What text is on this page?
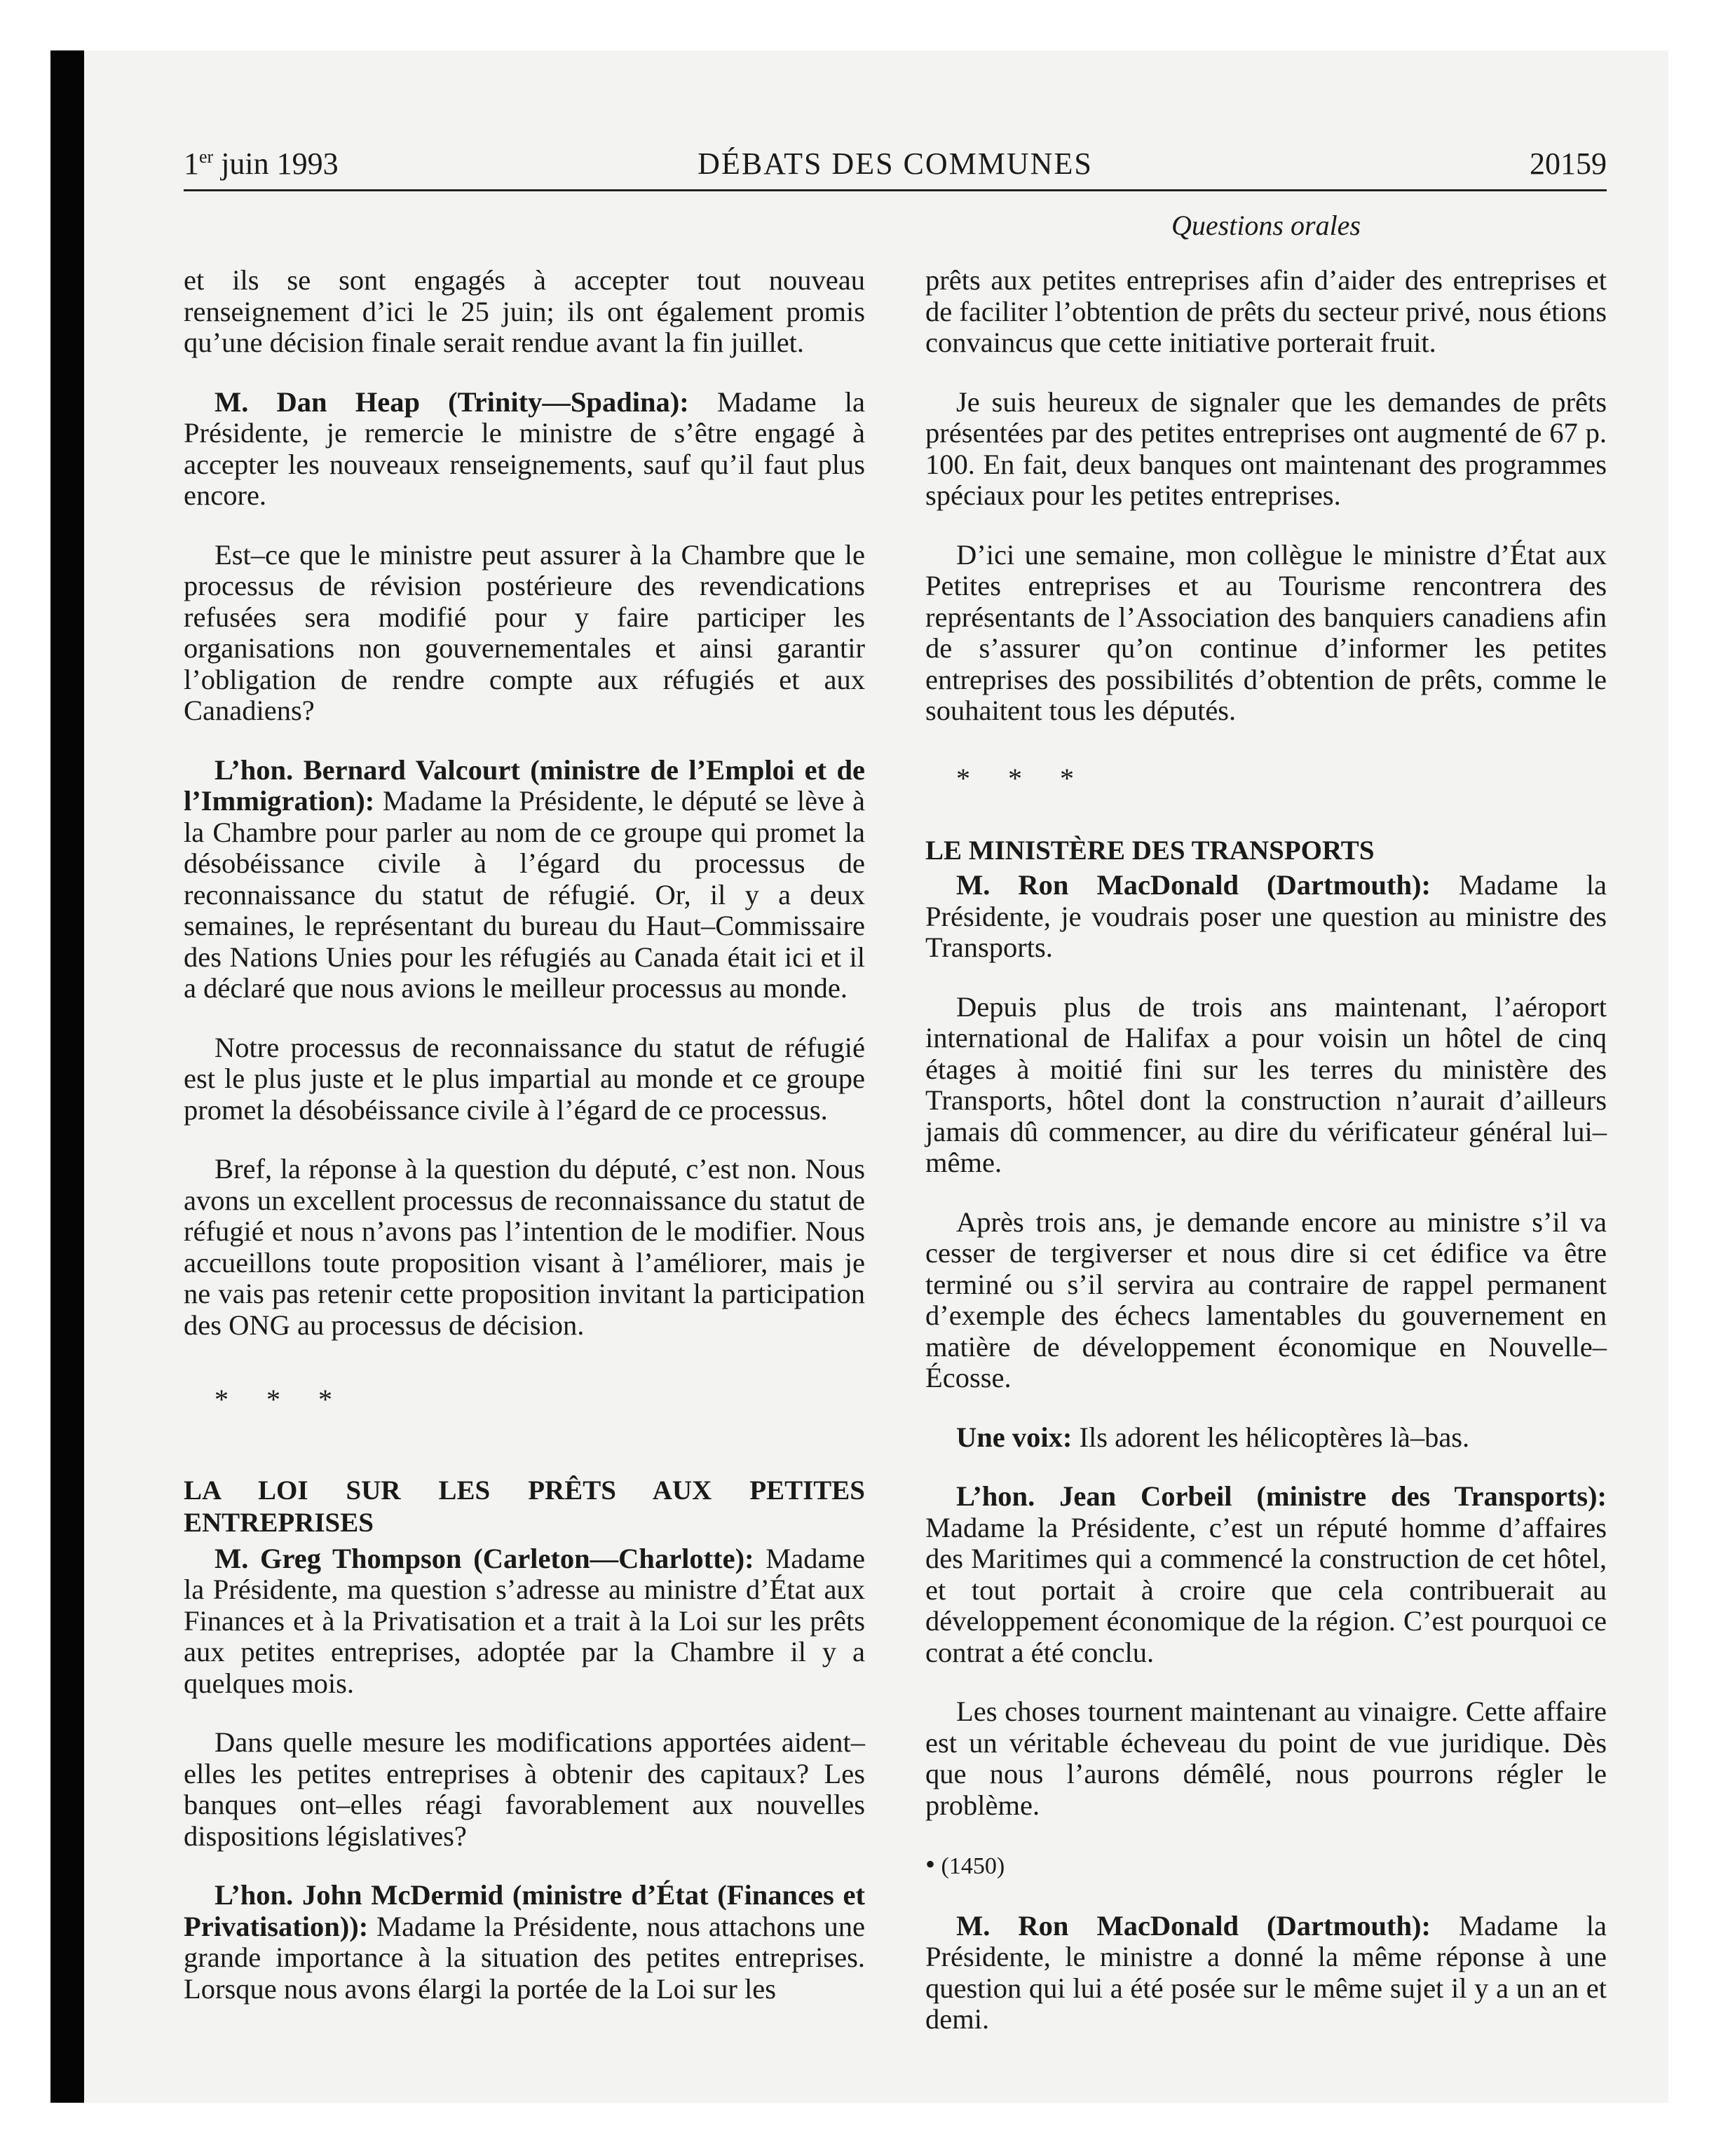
1er juin 1993	DÉBATS DES COMMUNES	20159
Questions orales

et ils se sont engagés à accepter tout nouveau renseignement d’ici le 25 juin; ils ont également promis qu’une décision finale serait rendue avant la fin juillet.

M. Dan Heap (Trinity—Spadina): Madame la Présidente, je remercie le ministre de s’être engagé à accepter les nouveaux renseignements, sauf qu’il faut plus encore.

Est–ce que le ministre peut assurer à la Chambre que le processus de révision postérieure des revendications refusées sera modifié pour y faire participer les organisations non gouvernementales et ainsi garantir l’obligation de rendre compte aux réfugiés et aux Canadiens?

L’hon. Bernard Valcourt (ministre de l’Emploi et de l’Immigration): Madame la Présidente, le député se lève à la Chambre pour parler au nom de ce groupe qui promet la désobéissance civile à l’égard du processus de reconnaissance du statut de réfugié. Or, il y a deux semaines, le représentant du bureau du Haut–Commissaire des Nations Unies pour les réfugiés au Canada était ici et il a déclaré que nous avions le meilleur processus au monde.

Notre processus de reconnaissance du statut de réfugié est le plus juste et le plus impartial au monde et ce groupe promet la désobéissance civile à l’égard de ce processus.

Bref, la réponse à la question du député, c’est non. Nous avons un excellent processus de reconnaissance du statut de réfugié et nous n’avons pas l’intention de le modifier. Nous accueillons toute proposition visant à l’améliorer, mais je ne vais pas retenir cette proposition invitant la participation des ONG au processus de décision.

* * *

LA LOI SUR LES PRÊTS AUX PETITES ENTREPRISES

M. Greg Thompson (Carleton—Charlotte): Madame la Présidente, ma question s’adresse au ministre d’État aux Finances et à la Privatisation et a trait à la Loi sur les prêts aux petites entreprises, adoptée par la Chambre il y a quelques mois.

Dans quelle mesure les modifications apportées aident–elles les petites entreprises à obtenir des capitaux? Les banques ont–elles réagi favorablement aux nouvelles dispositions législatives?

L’hon. John McDermid (ministre d’État (Finances et Privatisation)): Madame la Présidente, nous attachons une grande importance à la situation des petites entreprises. Lorsque nous avons élargi la portée de la Loi sur les

prêts aux petites entreprises afin d’aider des entreprises et de faciliter l’obtention de prêts du secteur privé, nous étions convaincus que cette initiative porterait fruit.

Je suis heureux de signaler que les demandes de prêts présentées par des petites entreprises ont augmenté de 67 p. 100. En fait, deux banques ont maintenant des programmes spéciaux pour les petites entreprises.

D’ici une semaine, mon collègue le ministre d’État aux Petites entreprises et au Tourisme rencontrera des représentants de l’Association des banquiers canadiens afin de s’assurer qu’on continue d’informer les petites entreprises des possibilités d’obtention de prêts, comme le souhaitent tous les députés.

* * *

LE MINISTÈRE DES TRANSPORTS

M. Ron MacDonald (Dartmouth): Madame la Présidente, je voudrais poser une question au ministre des Transports.

Depuis plus de trois ans maintenant, l’aéroport international de Halifax a pour voisin un hôtel de cinq étages à moitié fini sur les terres du ministère des Transports, hôtel dont la construction n’aurait d’ailleurs jamais dû commencer, au dire du vérificateur général lui–même.

Après trois ans, je demande encore au ministre s’il va cesser de tergiverser et nous dire si cet édifice va être terminé ou s’il servira au contraire de rappel permanent d’exemple des échecs lamentables du gouvernement en matière de développement économique en Nouvelle–Écosse.

Une voix: Ils adorent les hélicoptères là–bas.

L’hon. Jean Corbeil (ministre des Transports): Madame la Présidente, c’est un réputé homme d’affaires des Maritimes qui a commencé la construction de cet hôtel, et tout portait à croire que cela contribuerait au développement économique de la région. C’est pourquoi ce contrat a été conclu.

Les choses tournent maintenant au vinaigre. Cette affaire est un véritable écheveau du point de vue juridique. Dès que nous l’aurons démêlé, nous pourrons régler le problème.

• (1450)

M. Ron MacDonald (Dartmouth): Madame la Présidente, le ministre a donné la même réponse à une question qui lui a été posée sur le même sujet il y a un an et demi.
